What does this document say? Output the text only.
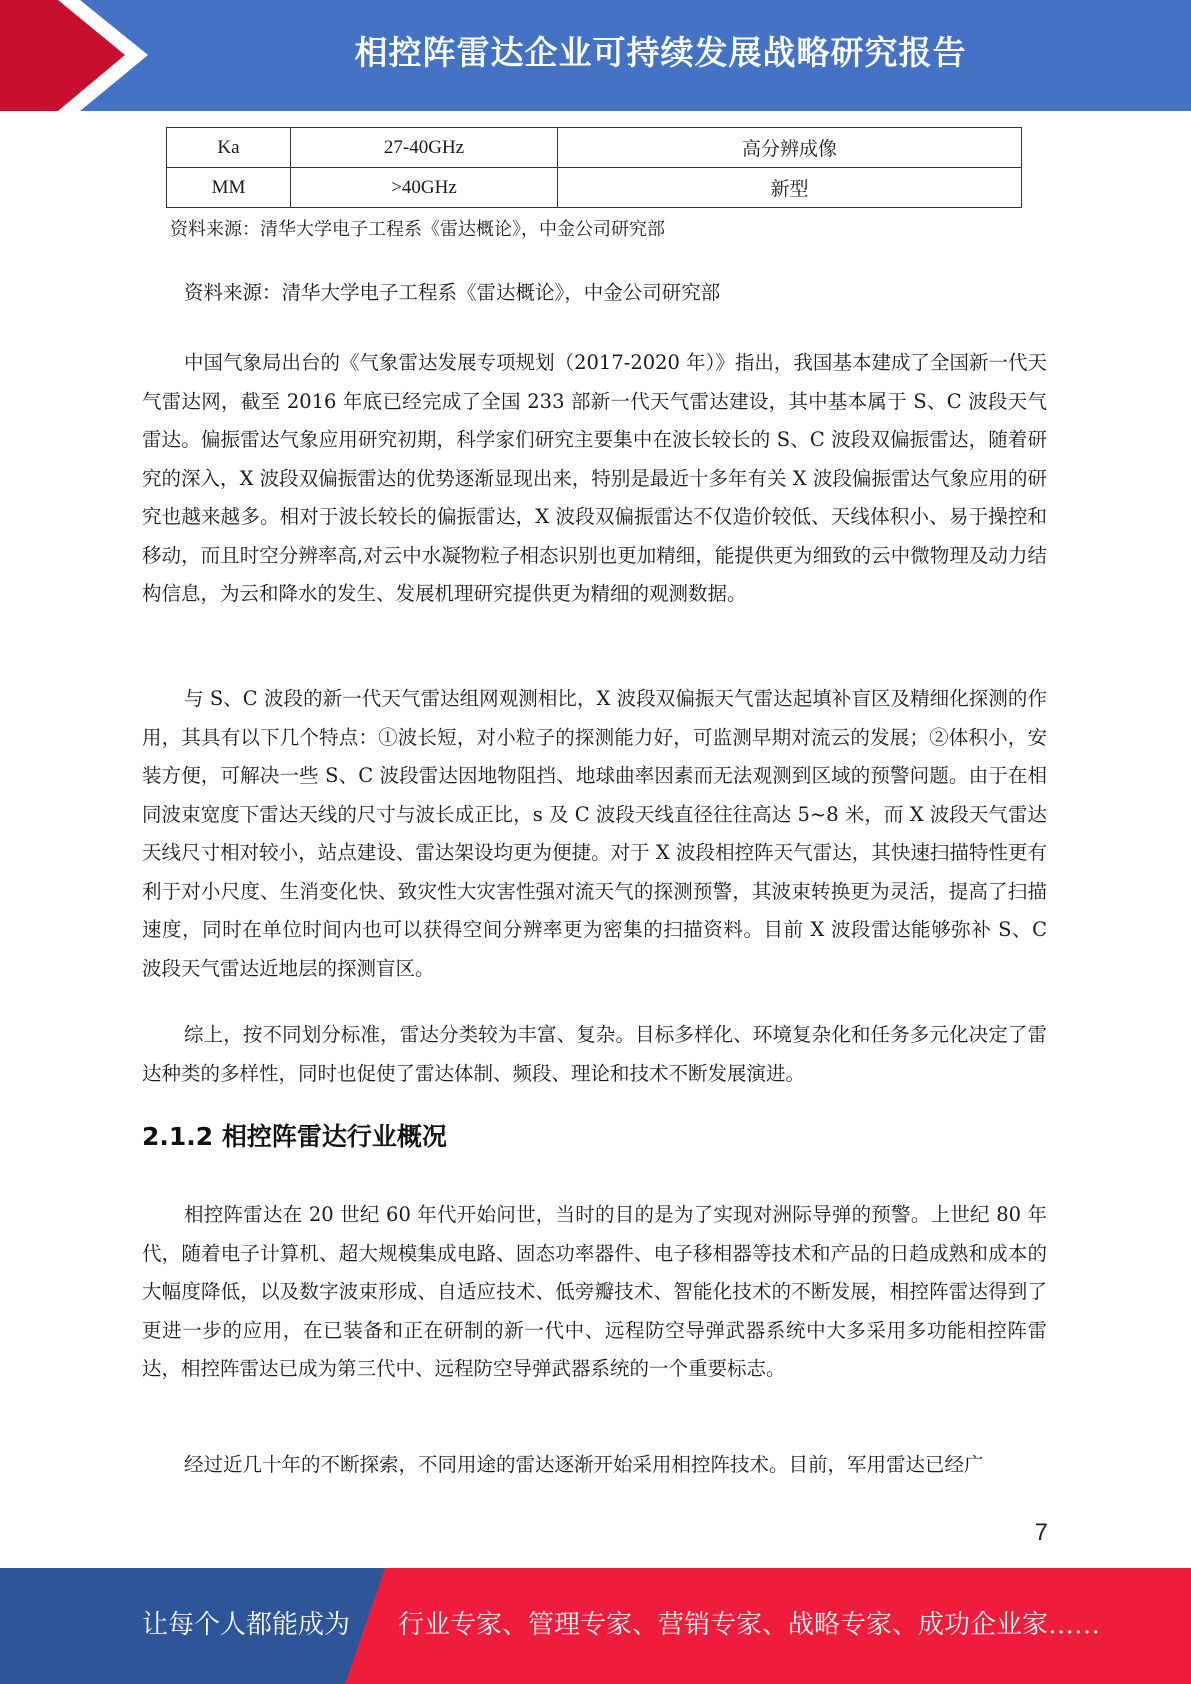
相控阵雷达企业可持续发展战略研究报告
Ka	27-40GHz	高分辨成像
MM	>40GHz	新型
资料来源：清华大学电子工程系《雷达概论》，中金公司研究部

资料来源：清华大学电子工程系《雷达概论》，中金公司研究部

中国气象局出台的《气象雷达发展专项规划（2017-2020 年）》指出，我国基本建成了全国新一代天气雷达网，截至 2016 年底已经完成了全国 233 部新一代天气雷达建设，其中基本属于 S、C 波段天气雷达。偏振雷达气象应用研究初期，科学家们研究主要集中在波长较长的 S、C 波段双偏振雷达，随着研究的深入，X 波段双偏振雷达的优势逐渐显现出来，特别是最近十多年有关 X 波段偏振雷达气象应用的研究也越来越多。相对于波长较长的偏振雷达，X 波段双偏振雷达不仅造价较低、天线体积小、易于操控和移动，而且时空分辨率高,对云中水凝物粒子相态识别也更加精细，能提供更为细致的云中微物理及动力结构信息，为云和降水的发生、发展机理研究提供更为精细的观测数据。

与 S、C 波段的新一代天气雷达组网观测相比，X 波段双偏振天气雷达起填补盲区及精细化探测的作用，其具有以下几个特点：①波长短，对小粒子的探测能力好，可监测早期对流云的发展；②体积小，安装方便，可解决一些 S、C 波段雷达因地物阻挡、地球曲率因素而无法观测到区域的预警问题。由于在相同波束宽度下雷达天线的尺寸与波长成正比，s 及 C 波段天线直径往往高达 5~8 米，而 X 波段天气雷达天线尺寸相对较小，站点建设、雷达架设均更为便捷。对于 X 波段相控阵天气雷达，其快速扫描特性更有利于对小尺度、生消变化快、致灾性大灾害性强对流天气的探测预警，其波束转换更为灵活，提高了扫描速度，同时在单位时间内也可以获得空间分辨率更为密集的扫描资料。目前 X 波段雷达能够弥补 S、C 波段天气雷达近地层的探测盲区。

综上，按不同划分标准，雷达分类较为丰富、复杂。目标多样化、环境复杂化和任务多元化决定了雷达种类的多样性，同时也促使了雷达体制、频段、理论和技术不断发展演进。

2.1.2 相控阵雷达行业概况

相控阵雷达在 20 世纪 60 年代开始问世，当时的目的是为了实现对洲际导弹的预警。上世纪 80 年代，随着电子计算机、超大规模集成电路、固态功率器件、电子移相器等技术和产品的日趋成熟和成本的大幅度降低，以及数字波束形成、自适应技术、低旁瓣技术、智能化技术的不断发展，相控阵雷达得到了更进一步的应用，在已装备和正在研制的新一代中、远程防空导弹武器系统中大多采用多功能相控阵雷达，相控阵雷达已成为第三代中、远程防空导弹武器系统的一个重要标志。

经过近几十年的不断探索，不同用途的雷达逐渐开始采用相控阵技术。目前，军用雷达已经广

7
让每个人都能成为 行业专家、管理专家、营销专家、战略专家、成功企业家……
